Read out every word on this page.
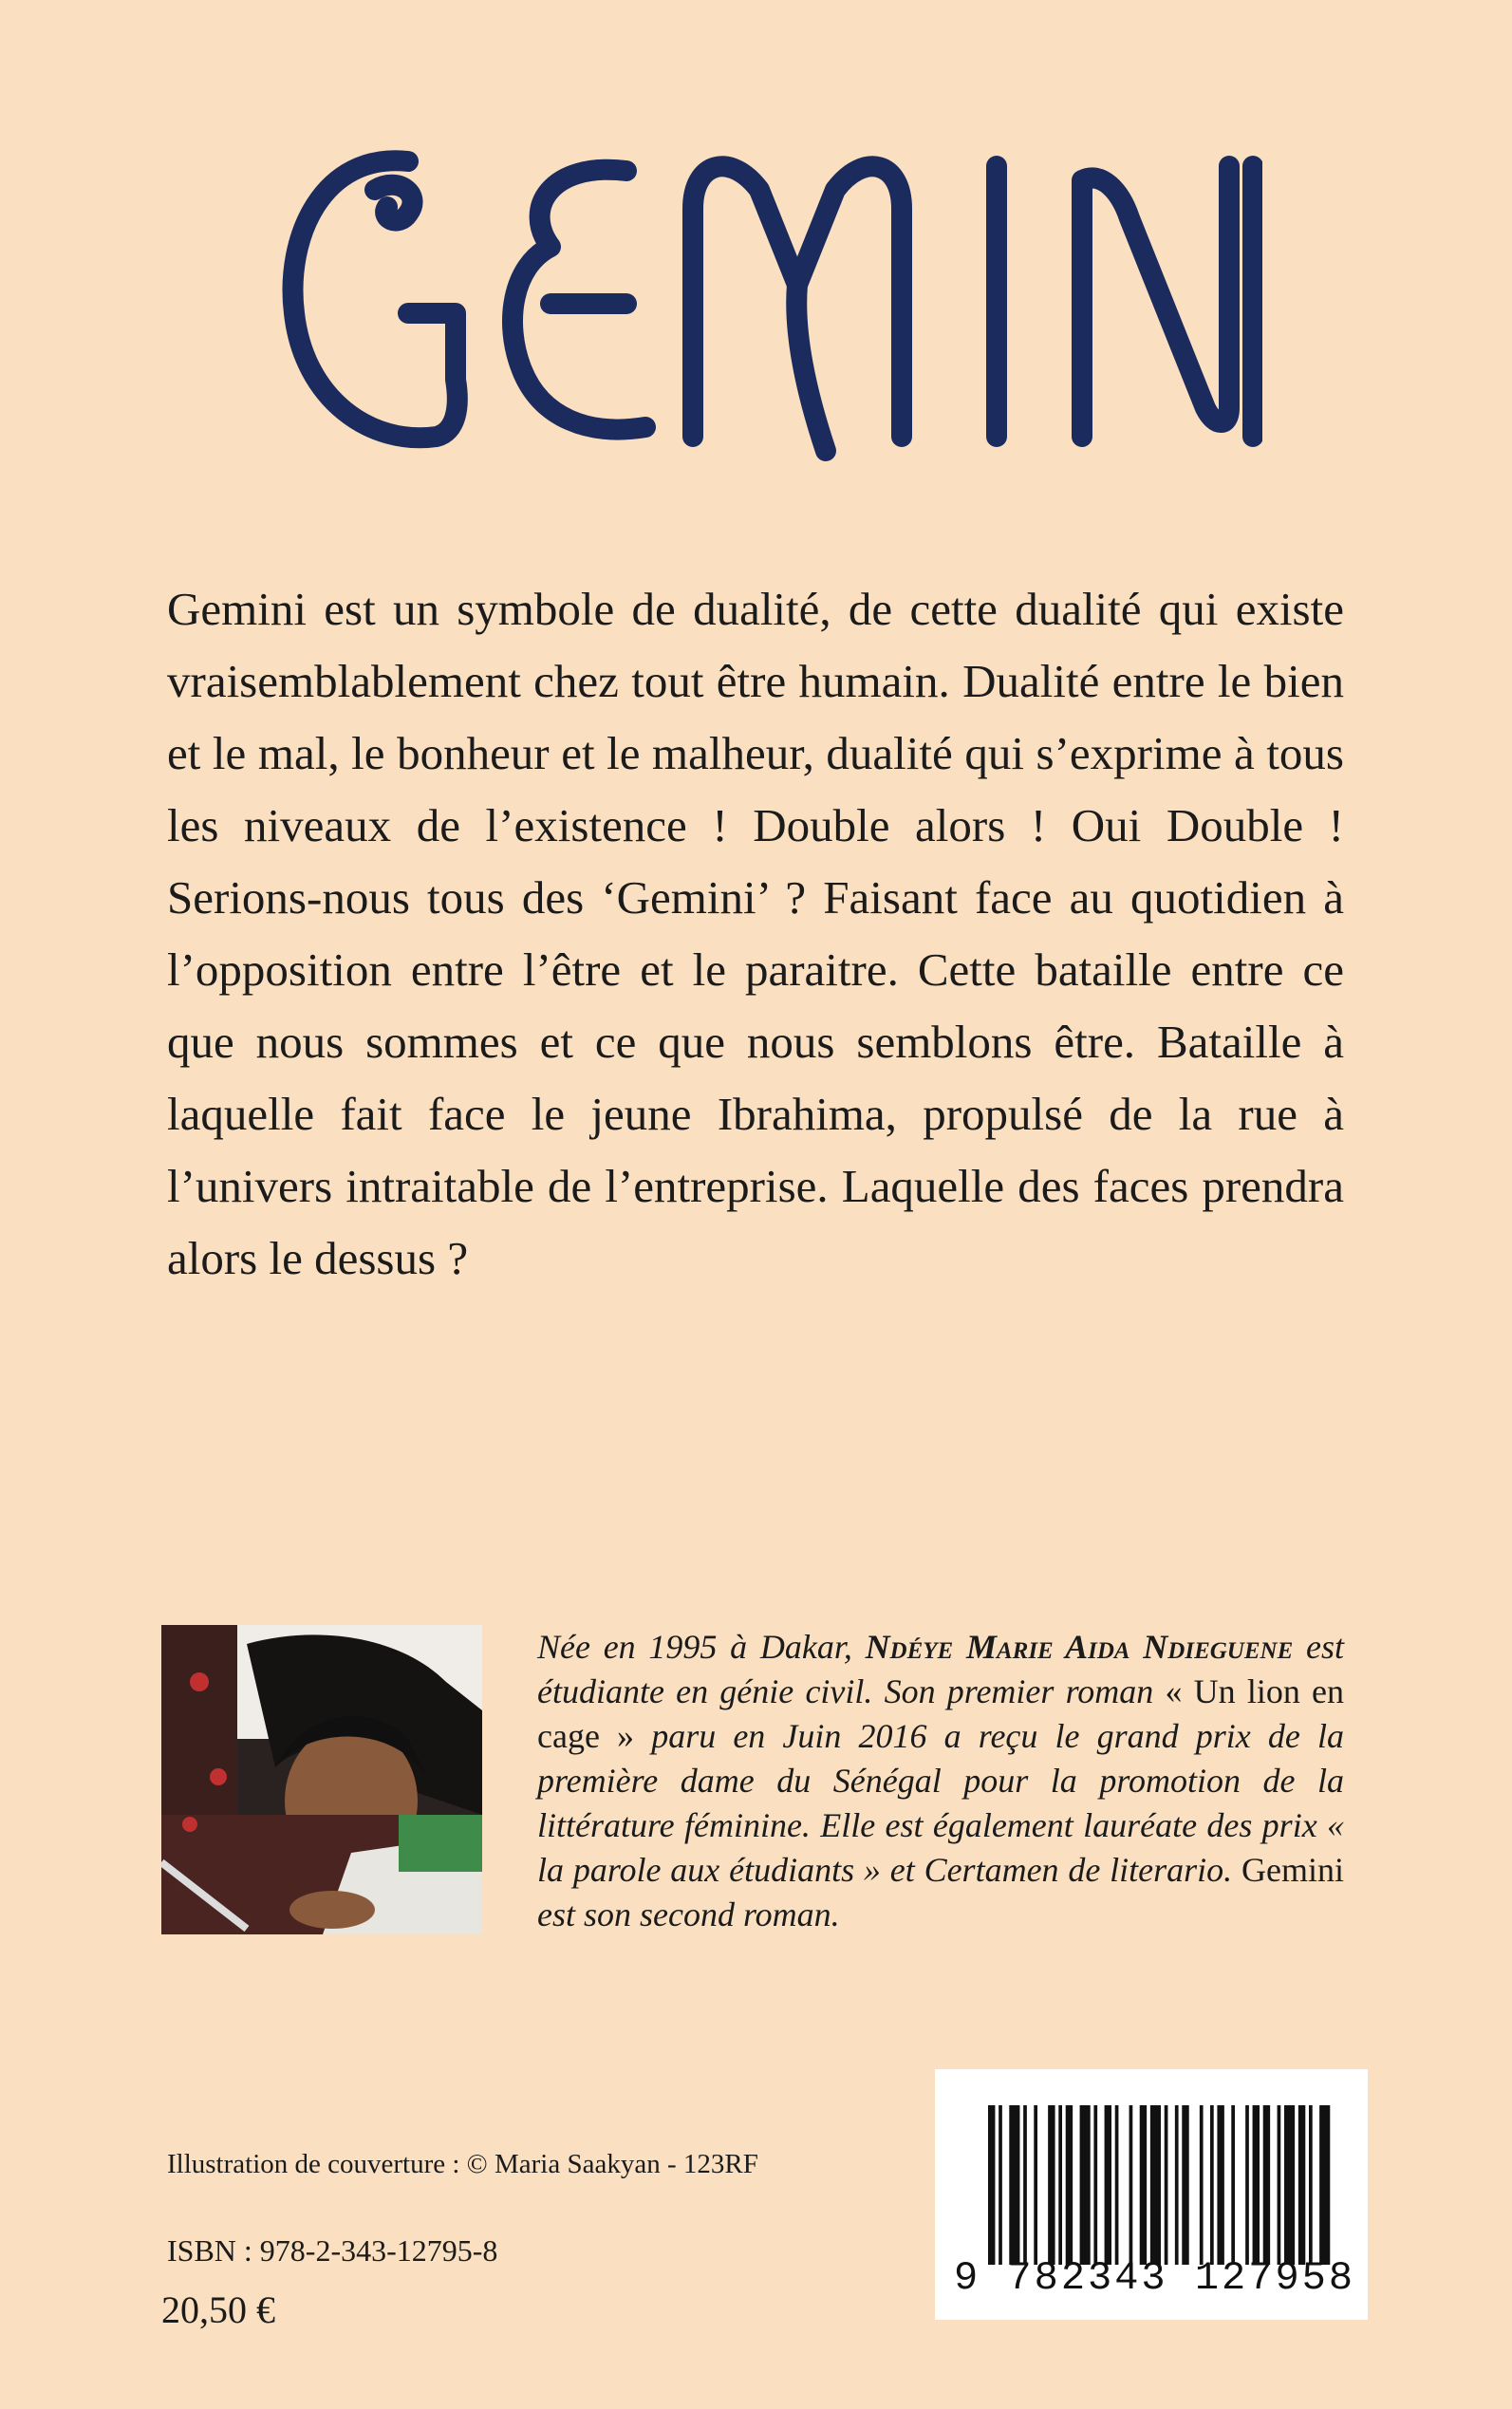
Gemini est un symbole de dualité, de cette dualité qui existe vraisemblablement chez tout être humain. Dualité entre le bien et le mal, le bonheur et le malheur, dualité qui s’exprime à tous les niveaux de l’existence ! Double alors ! Oui Double ! Serions-nous tous des ‘Gemini’ ? Faisant face au quotidien à l’opposition entre l’être et le paraitre. Cette bataille entre ce que nous sommes et ce que nous semblons être. Bataille à laquelle fait face le jeune Ibrahima, propulsé de la rue à l’univers intraitable de l’entreprise. Laquelle des faces prendra alors le dessus ?
Née en 1995 à Dakar, Ndéye Marie Aida Ndieguene est étudiante en génie civil. Son premier roman « Un lion en cage » paru en Juin 2016 a reçu le grand prix de la première dame du Sénégal pour la promotion de la littérature féminine. Elle est également lauréate des prix « la parole aux étudiants » et Certamen de literario. Gemini est son second roman.
Illustration de couverture : © Maria Saakyan - 123RF
ISBN : 978-2-343-12795-8
20,50 €
9 782343 127958
